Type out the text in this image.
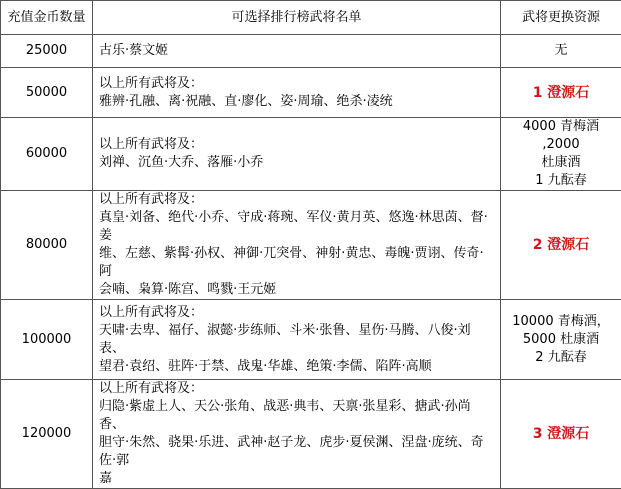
充值金币数量	可选择排行榜武将名单	武将更换资源
25000	古乐·蔡文姬	无

50000	以上所有武将及：
雅辨·孔融、离·祝融、直·廖化、姿·周瑜、绝杀·凌统	1 澄源石

60000	以上所有武将及：
刘禅、沉鱼·大乔、落雁·小乔	4000 青梅酒 ,2000
杜康酒
1 九酝春

80000	以上所有武将及：
真皇·刘备、绝代·小乔、守成·蒋琬、军仪·黄月英、悠逸·林思茵、督·姜
维、左慈、紫髯·孙权、神御·兀突骨、神射·黄忠、毒魄·贾诩、传奇·阿
会喃、枭算·陈宫、鸣戮·王元姬	2 澄源石

100000	以上所有武将及：
天啸·去卑、福仔、淑懿·步练师、斗米·张鲁、星伤·马腾、八俊·刘表、
望君·袁绍、驻阵·于禁、战鬼·华雄、绝策·李儒、陷阵·高顺	10000 青梅酒，
5000 杜康酒
2 九酝春

120000	以上所有武将及：
归隐·紫虚上人、天公·张角、战恶·典韦、天禀·张星彩、搪武·孙尚香、
胆守·朱然、骁果·乐进、武神·赵子龙、虎步·夏侯渊、涅盘·庞统、奇佐·郭
嘉	3 澄源石
